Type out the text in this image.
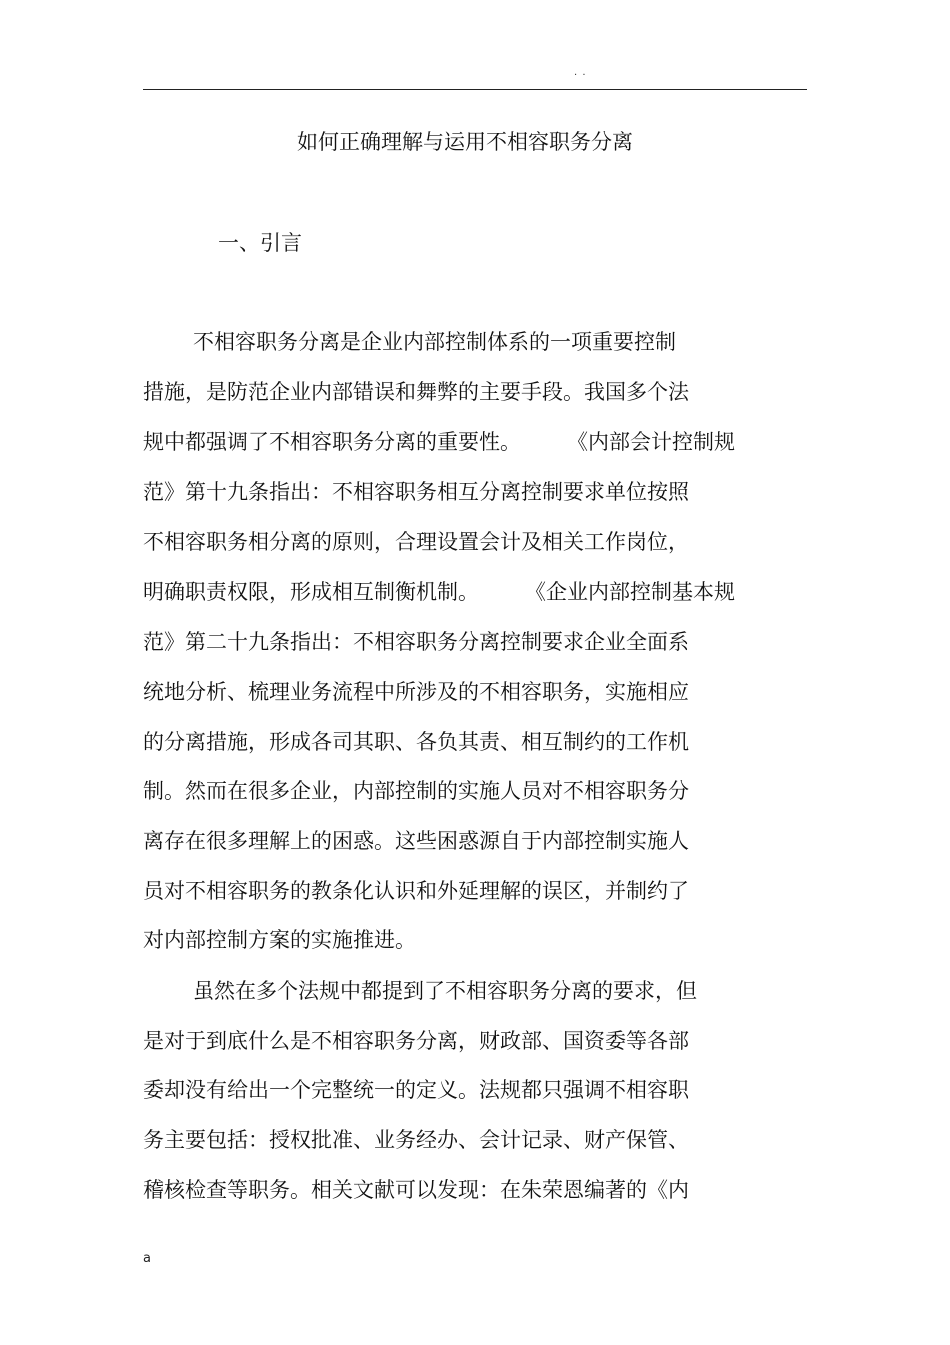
· ·
如何正确理解与运用不相容职务分离
一、引言
不相容职务分离是企业内部控制体系的一项重要控制
措施，是防范企业内部错误和舞弊的主要手段。我国多个法
规中都强调了不相容职务分离的重要性。 《内部会计控制规
范》第十九条指出：不相容职务相互分离控制要求单位按照
不相容职务相分离的原则，合理设置会计及相关工作岗位，
明确职责权限，形成相互制衡机制。 《企业内部控制基本规
范》第二十九条指出：不相容职务分离控制要求企业全面系
统地分析、梳理业务流程中所涉及的不相容职务，实施相应
的分离措施，形成各司其职、各负其责、相互制约的工作机
制。然而在很多企业，内部控制的实施人员对不相容职务分
离存在很多理解上的困惑。这些困惑源自于内部控制实施人
员对不相容职务的教条化认识和外延理解的误区，并制约了
对内部控制方案的实施推进。
虽然在多个法规中都提到了不相容职务分离的要求，但
是对于到底什么是不相容职务分离，财政部、国资委等各部
委却没有给出一个完整统一的定义。法规都只强调不相容职
务主要包括：授权批准、业务经办、会计记录、财产保管、
稽核检查等职务。相关文献可以发现：在朱荣恩编著的《内
a
